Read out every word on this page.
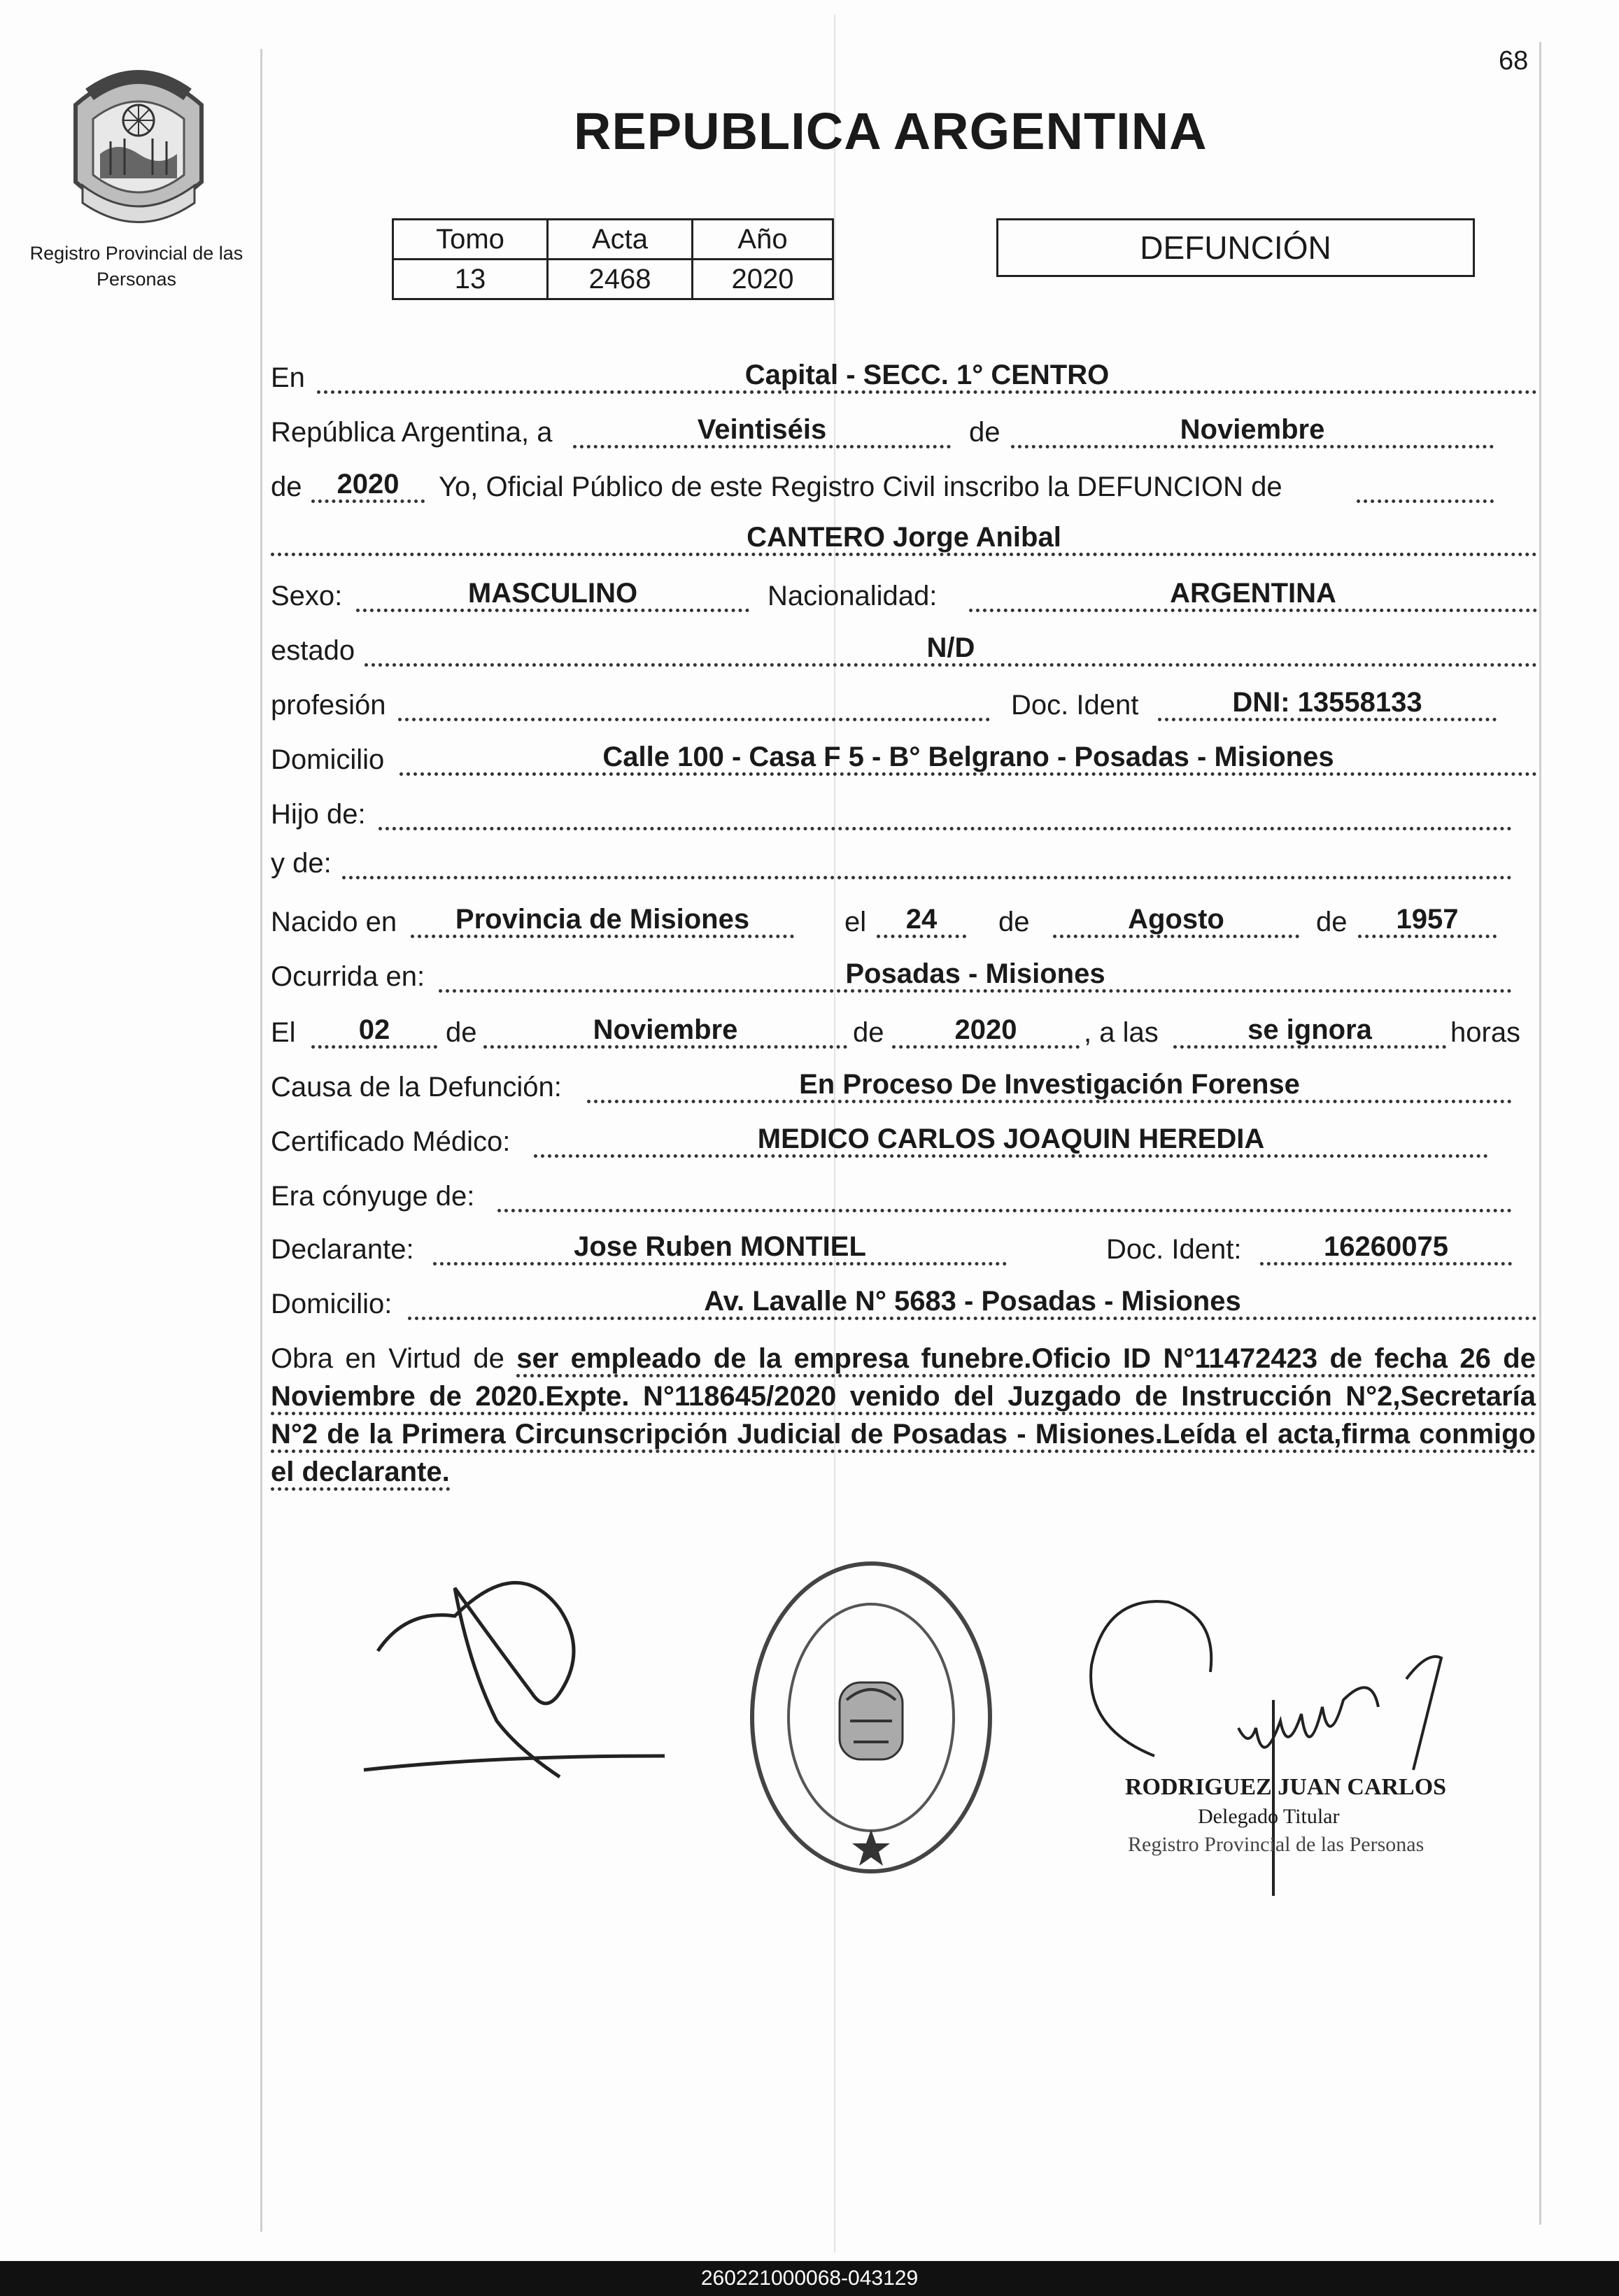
68
Registro Provincial de las Personas
REPUBLICA ARGENTINA
Tomo	Acta	Año
13	2468	2020
DEFUNCIÓN
En	Capital - SECC. 1° CENTRO
República Argentina, a	Veintiséis	de	Noviembre
de	2020	Yo, Oficial Público de este Registro Civil inscribo la DEFUNCION de
CANTERO Jorge Anibal
Sexo:	MASCULINO	Nacionalidad:	ARGENTINA
estado	N/D
profesión	Doc. Ident	DNI: 13558133
Domicilio	Calle 100 - Casa F 5 - B° Belgrano - Posadas - Misiones
Hijo de:
y de:
Nacido en	Provincia de Misiones	el	24	de	Agosto	de	1957
Ocurrida en:	Posadas - Misiones
El	02	de	Noviembre	de	2020	, a las	se ignora	horas
Causa de la Defunción:	En Proceso De Investigación Forense
Certificado Médico:	MEDICO CARLOS JOAQUIN HEREDIA
Era cónyuge de:
Declarante:	Jose Ruben MONTIEL	Doc. Ident:	16260075
Domicilio:	Av. Lavalle N° 5683 - Posadas - Misiones
Obra en Virtud de ser empleado de la empresa funebre.Oficio ID N°11472423 de fecha 26 de Noviembre de 2020.Expte. N°118645/2020 venido del Juzgado de Instrucción N°2,Secretaría N°2 de la Primera Circunscripción Judicial de Posadas - Misiones.Leída el acta,firma conmigo el declarante.
RODRIGUEZ JUAN CARLOS
Delegado Titular
Registro Provincial de las Personas
260221000068-043129
